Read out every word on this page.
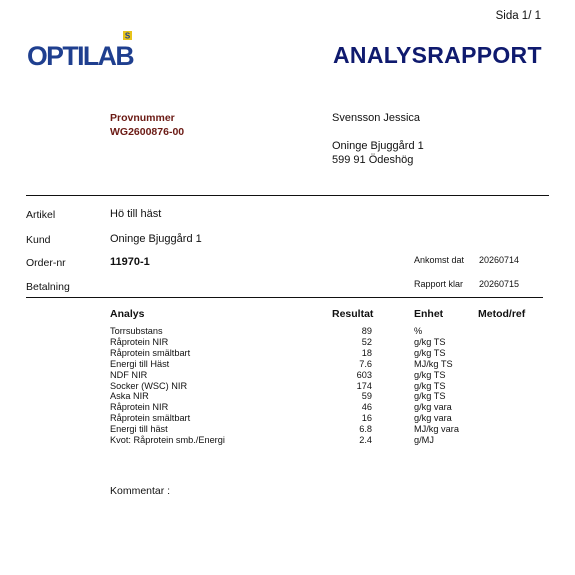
Sida 1/ 1
S
OPTILAB	ANALYSRAPPORT
Provnummer
WG2600876-00
Svensson Jessica
Oninge Bjuggård 1
599 91 Ödeshög
Artikel	Hö till häst
Kund	Oninge Bjuggård 1
Order-nr	11970-1	Ankomst dat 20260714
Betalning	Rapport klar 20260715
Analys	Resultat	Enhet	Metod/ref
Torrsubstans	89		%
Råprotein NIR	52		g/kg TS
Råprotein smältbart	18		g/kg TS
Energi till Häst	7.6		MJ/kg TS
NDF NIR	603		g/kg TS
Socker (WSC) NIR	174		g/kg TS
Aska NIR	59		g/kg TS
Råprotein NIR	46		g/kg vara
Råprotein smältbart	16		g/kg vara
Energi till häst	6.8		MJ/kg vara
Kvot: Råprotein smb./Energi	2.4		g/MJ
Kommentar :
